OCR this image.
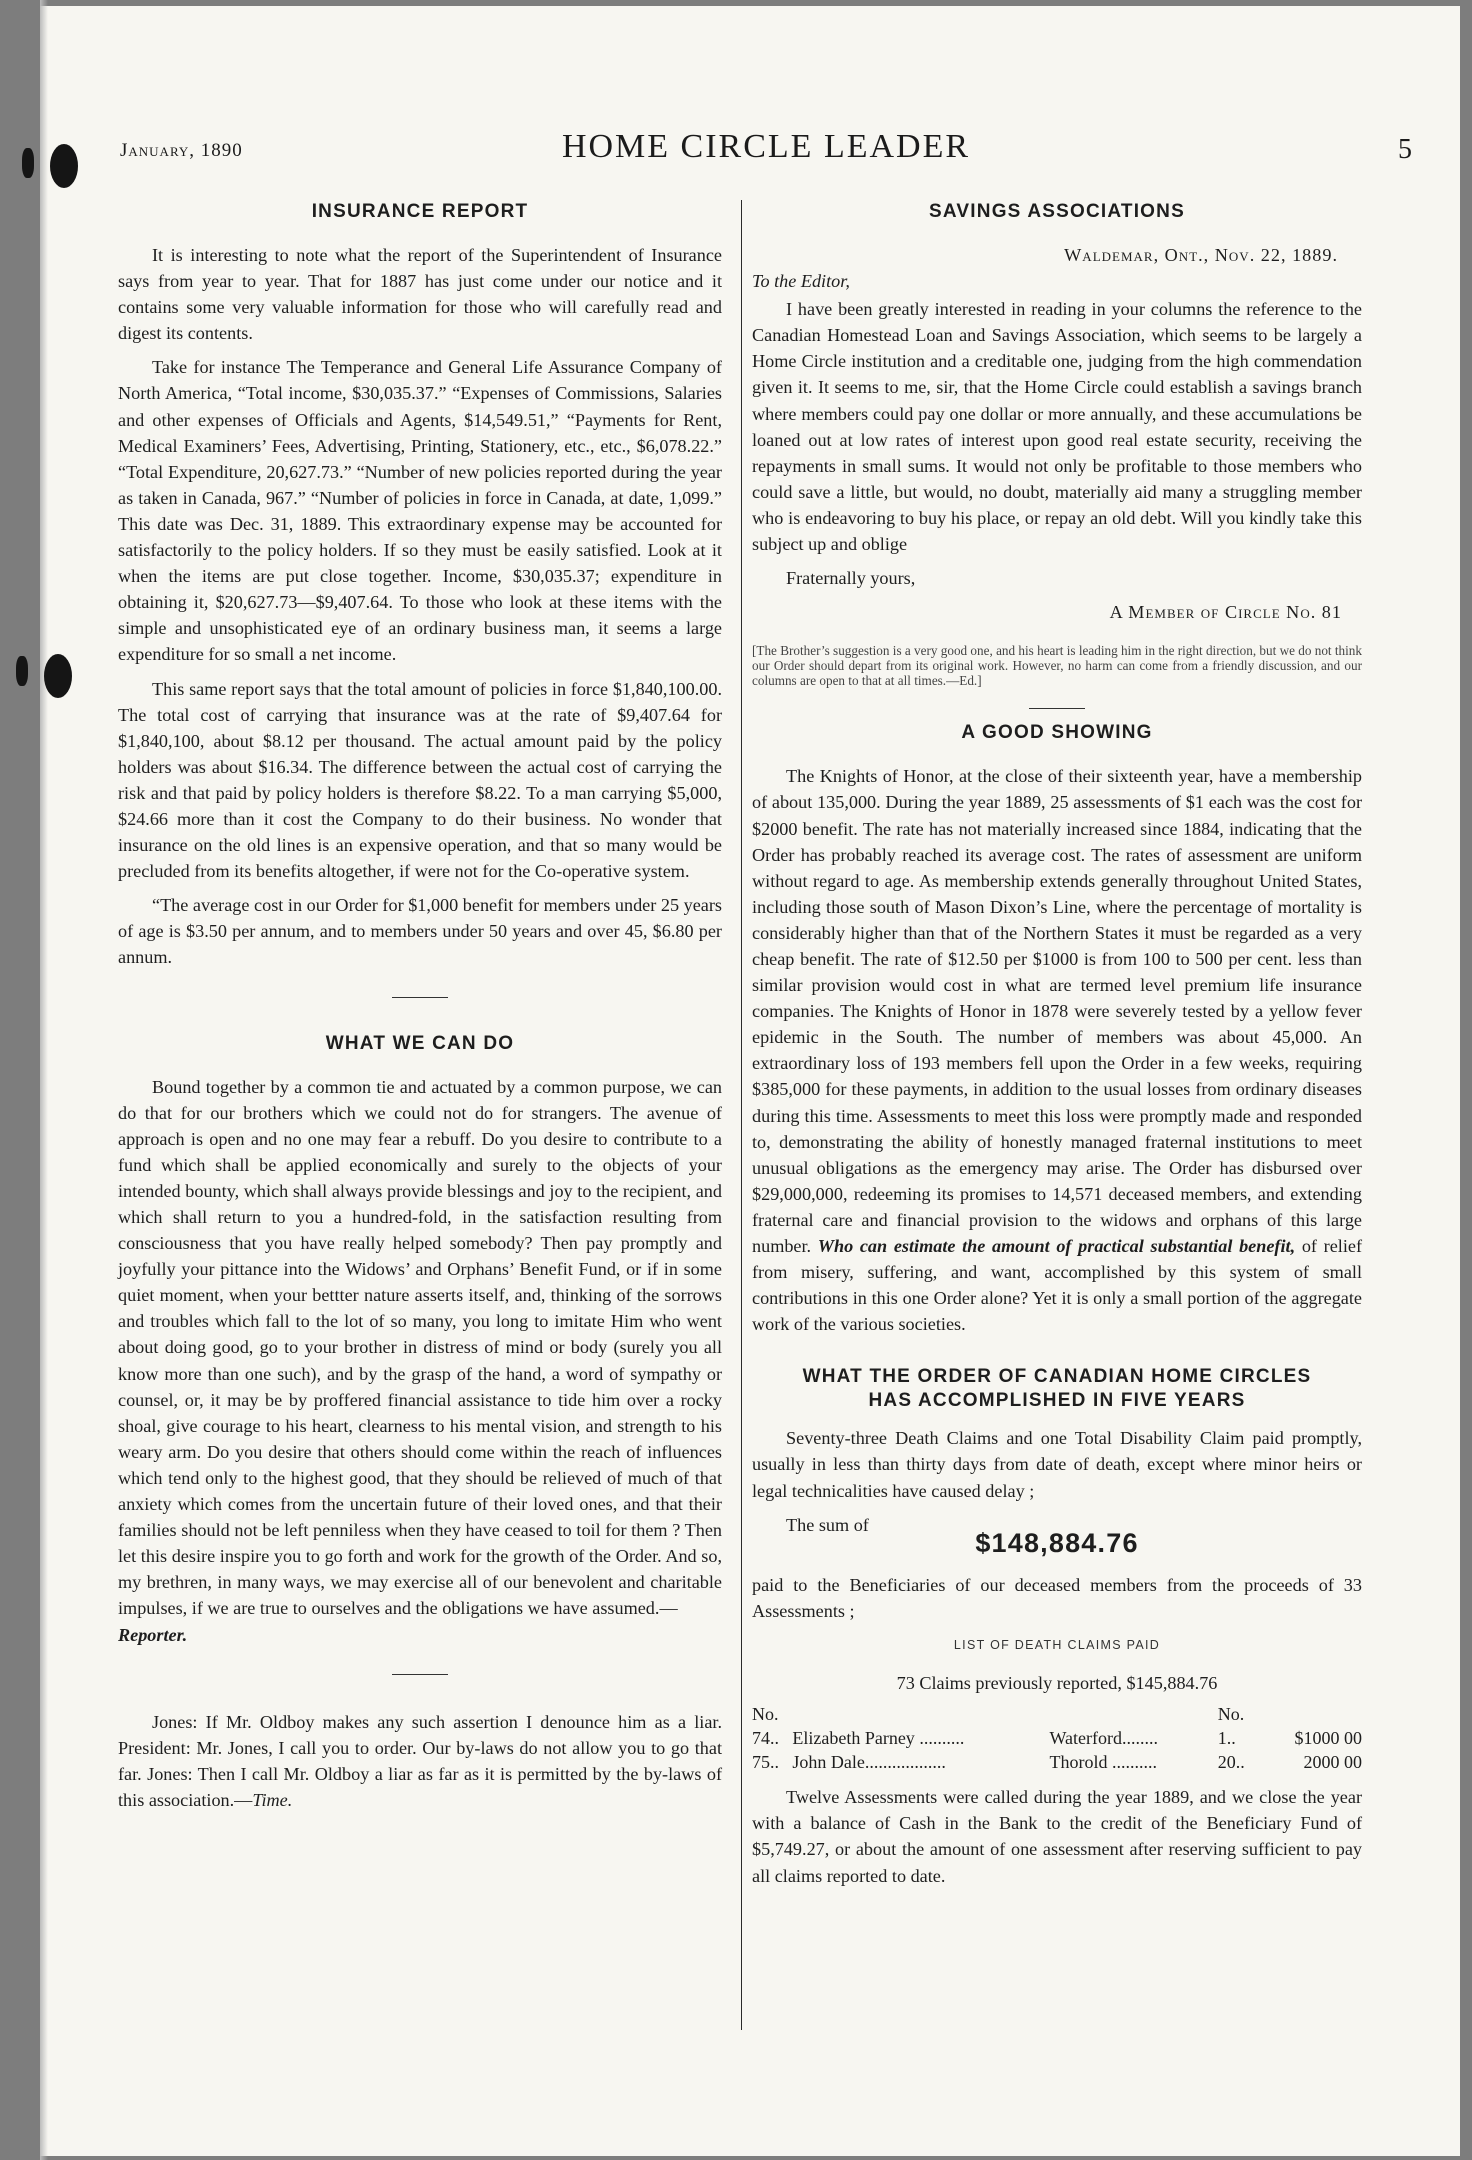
January, 1890	HOME CIRCLE LEADER	5
INSURANCE REPORT

It is interesting to note what the report of the Superintendent of Insurance says from year to year. That for 1887 has just come under our notice and it contains some very valuable information for those who will carefully read and digest its contents.

Take for instance The Temperance and General Life Assurance Company of North America, “Total income, $30,035.37.” “Expenses of Commissions, Salaries and other expenses of Officials and Agents, $14,549.51,” “Payments for Rent, Medical Examiners’ Fees, Advertising, Printing, Stationery, etc., etc., $6,078.22.” “Total Expenditure, 20,627.73.” “Number of new policies reported during the year as taken in Canada, 967.” “Number of policies in force in Canada, at date, 1,099.” This date was Dec. 31, 1889. This extraordinary expense may be accounted for satisfactorily to the policy holders. If so they must be easily satisfied. Look at it when the items are put close together. Income, $30,035.37; expenditure in obtaining it, $20,627.73—$9,407.64. To those who look at these items with the simple and unsophisticated eye of an ordinary business man, it seems a large expenditure for so small a net income.

This same report says that the total amount of policies in force $1,840,100.00. The total cost of carrying that insurance was at the rate of $9,407.64 for $1,840,100, about $8.12 per thousand. The actual amount paid by the policy holders was about $16.34. The difference between the actual cost of carrying the risk and that paid by policy holders is therefore $8.22. To a man carrying $5,000, $24.66 more than it cost the Company to do their business. No wonder that insurance on the old lines is an expensive operation, and that so many would be precluded from its benefits altogether, if were not for the Co-operative system.

“The average cost in our Order for $1,000 benefit for members under 25 years of age is $3.50 per annum, and to members under 50 years and over 45, $6.80 per annum.

WHAT WE CAN DO

Bound together by a common tie and actuated by a common purpose, we can do that for our brothers which we could not do for strangers. The avenue of approach is open and no one may fear a rebuff. Do you desire to contribute to a fund which shall be applied economically and surely to the objects of your intended bounty, which shall always provide blessings and joy to the recipient, and which shall return to you a hundred-fold, in the satisfaction resulting from consciousness that you have really helped somebody? Then pay promptly and joyfully your pittance into the Widows’ and Orphans’ Benefit Fund, or if in some quiet moment, when your bettter nature asserts itself, and, thinking of the sorrows and troubles which fall to the lot of so many, you long to imitate Him who went about doing good, go to your brother in distress of mind or body (surely you all know more than one such), and by the grasp of the hand, a word of sympathy or counsel, or, it may be by proffered financial assistance to tide him over a rocky shoal, give courage to his heart, clearness to his mental vision, and strength to his weary arm. Do you desire that others should come within the reach of influences which tend only to the highest good, that they should be relieved of much of that anxiety which comes from the uncertain future of their loved ones, and that their families should not be left penniless when they have ceased to toil for them ? Then let this desire inspire you to go forth and work for the growth of the Order. And so, my brethren, in many ways, we may exercise all of our benevolent and charitable impulses, if we are true to ourselves and the obligations we have assumed.—
Reporter.

Jones: If Mr. Oldboy makes any such assertion I denounce him as a liar. President: Mr. Jones, I call you to order. Our by-laws do not allow you to go that far. Jones: Then I call Mr. Oldboy a liar as far as it is permitted by the by-laws of this association.—Time.

SAVINGS ASSOCIATIONS
Waldemar, Ont., Nov. 22, 1889.
To the Editor,

I have been greatly interested in reading in your columns the reference to the Canadian Homestead Loan and Savings Association, which seems to be largely a Home Circle institution and a creditable one, judging from the high commendation given it. It seems to me, sir, that the Home Circle could establish a savings branch where members could pay one dollar or more annually, and these accumulations be loaned out at low rates of interest upon good real estate security, receiving the repayments in small sums. It would not only be profitable to those members who could save a little, but would, no doubt, materially aid many a struggling member who is endeavoring to buy his place, or repay an old debt. Will you kindly take this subject up and oblige

Fraternally yours,

A Member of Circle No. 81
[The Brother’s suggestion is a very good one, and his heart is leading him in the right direction, but we do not think our Order should depart from its original work. However, no harm can come from a friendly discussion, and our columns are open to that at all times.—Ed.]
A GOOD SHOWING

The Knights of Honor, at the close of their sixteenth year, have a membership of about 135,000. During the year 1889, 25 assessments of $1 each was the cost for $2000 benefit. The rate has not materially increased since 1884, indicating that the Order has probably reached its average cost. The rates of assessment are uniform without regard to age. As membership extends generally throughout United States, including those south of Mason Dixon’s Line, where the percentage of mortality is considerably higher than that of the Northern States it must be regarded as a very cheap benefit. The rate of $12.50 per $1000 is from 100 to 500 per cent. less than similar provision would cost in what are termed level premium life insurance companies. The Knights of Honor in 1878 were severely tested by a yellow fever epidemic in the South. The number of members was about 45,000. An extraordinary loss of 193 members fell upon the Order in a few weeks, requiring $385,000 for these payments, in addition to the usual losses from ordinary diseases during this time. Assessments to meet this loss were promptly made and responded to, demonstrating the ability of honestly managed fraternal institutions to meet unusual obligations as the emergency may arise. The Order has disbursed over $29,000,000, redeeming its promises to 14,571 deceased members, and extending fraternal care and financial provision to the widows and orphans of this large number. Who can estimate the amount of practical substantial benefit, of relief from misery, suffering, and want, accomplished by this system of small contributions in this one Order alone? Yet it is only a small portion of the aggregate work of the various societies.

WHAT THE ORDER OF CANADIAN HOME CIRCLES
HAS ACCOMPLISHED IN FIVE YEARS

Seventy-three Death Claims and one Total Disability Claim paid promptly, usually in less than thirty days from date of death, except where minor heirs or legal technicalities have caused delay ;

The sum of

$148,884.76

paid to the Beneficiaries of our deceased members from the proceeds of 33 Assessments ;

LIST OF DEATH CLAIMS PAID
73 Claims previously reported, $145,884.76
No.			No.	
74..	Elizabeth Parney ..........	Waterford........	1..	$1000 00
75..	John Dale..................	Thorold ..........	20..	2000 00

Twelve Assessments were called during the year 1889, and we close the year with a balance of Cash in the Bank to the credit of the Beneficiary Fund of $5,749.27, or about the amount of one assessment after reserving sufficient to pay all claims reported to date.
